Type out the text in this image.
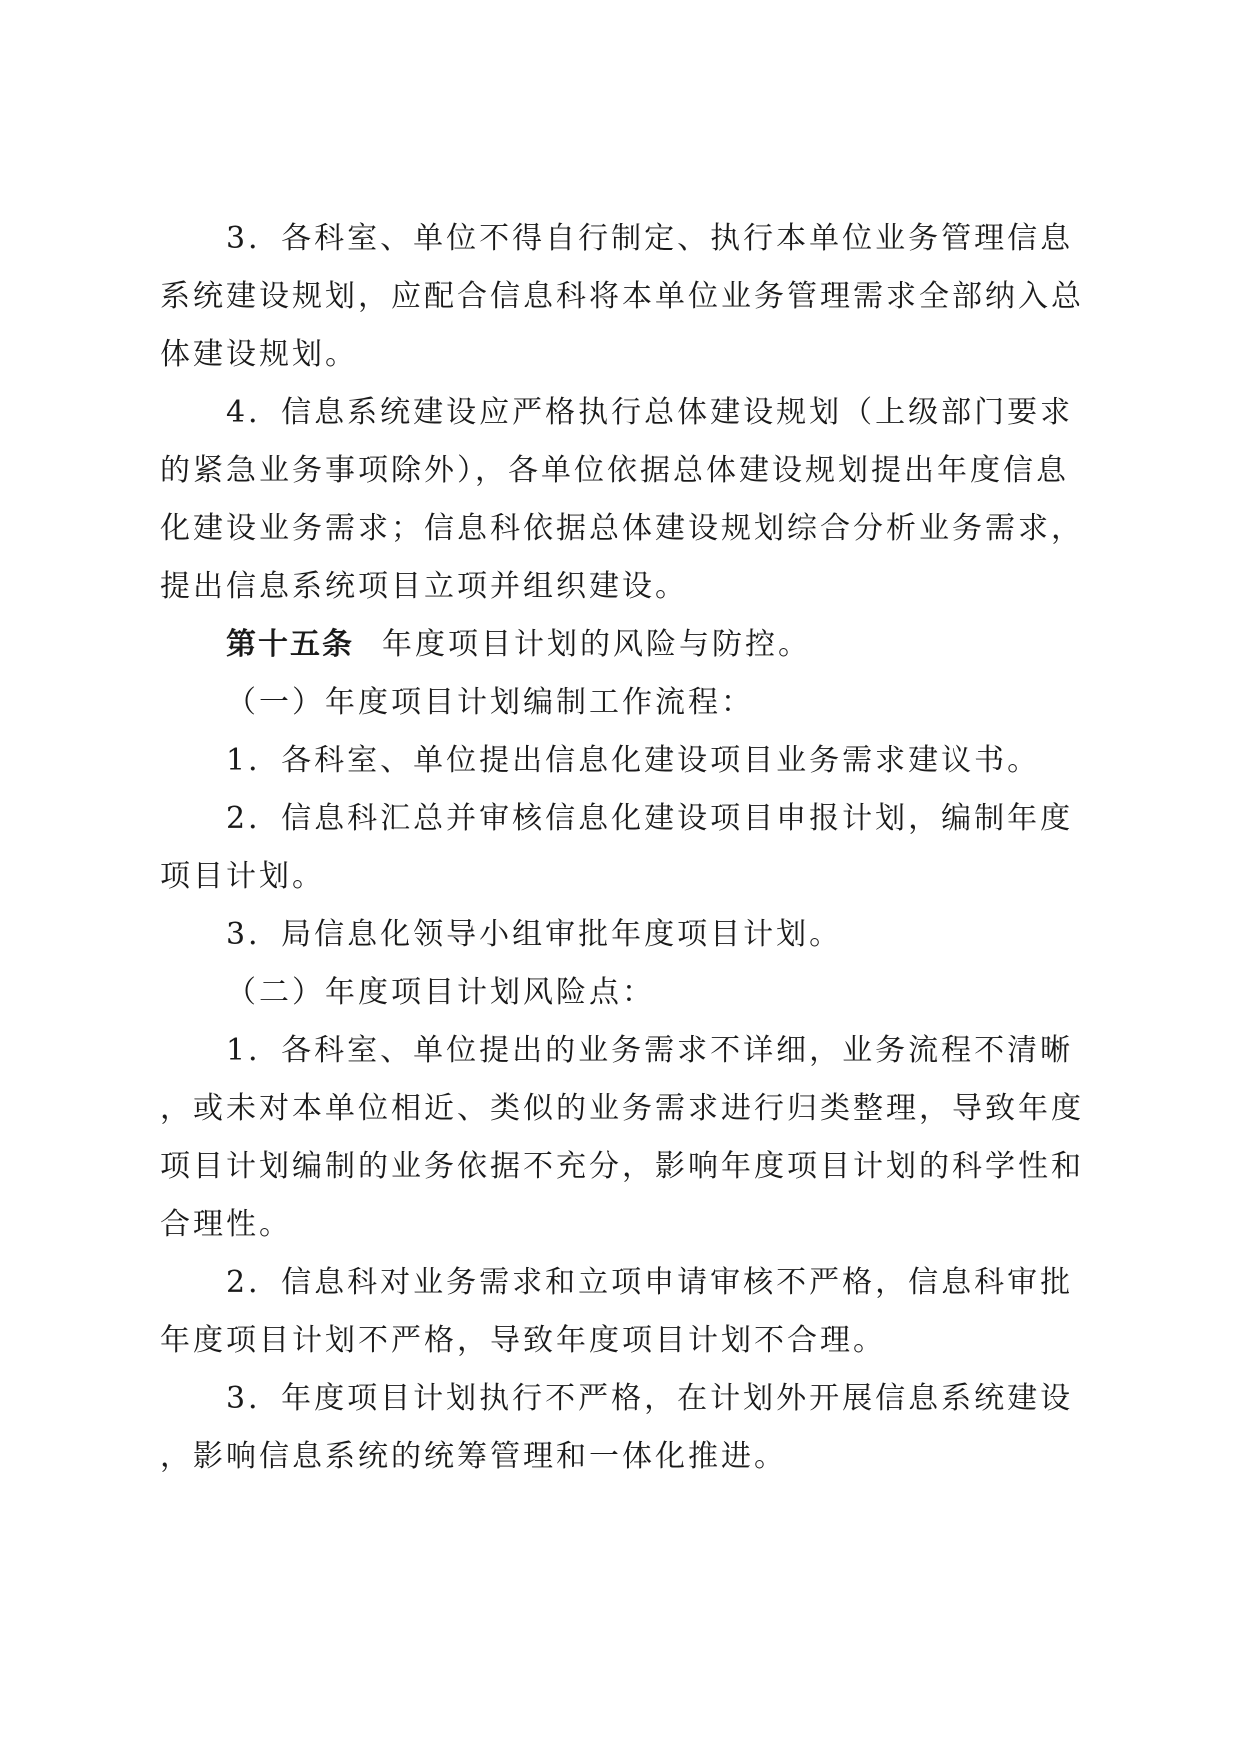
3．各科室、单位不得自行制定、执行本单位业务管理信息
系统建设规划，应配合信息科将本单位业务管理需求全部纳入总
体建设规划。
4．信息系统建设应严格执行总体建设规划（上级部门要求
的紧急业务事项除外），各单位依据总体建设规划提出年度信息
化建设业务需求；信息科依据总体建设规划综合分析业务需求，
提出信息系统项目立项并组织建设。
第十五条 年度项目计划的风险与防控。
（一）年度项目计划编制工作流程：
1．各科室、单位提出信息化建设项目业务需求建议书。
2．信息科汇总并审核信息化建设项目申报计划，编制年度
项目计划。
3．局信息化领导小组审批年度项目计划。
（二）年度项目计划风险点：
1．各科室、单位提出的业务需求不详细，业务流程不清晰
，或未对本单位相近、类似的业务需求进行归类整理，导致年度
项目计划编制的业务依据不充分，影响年度项目计划的科学性和
合理性。
2．信息科对业务需求和立项申请审核不严格，信息科审批
年度项目计划不严格，导致年度项目计划不合理。
3．年度项目计划执行不严格，在计划外开展信息系统建设
，影响信息系统的统筹管理和一体化推进。
